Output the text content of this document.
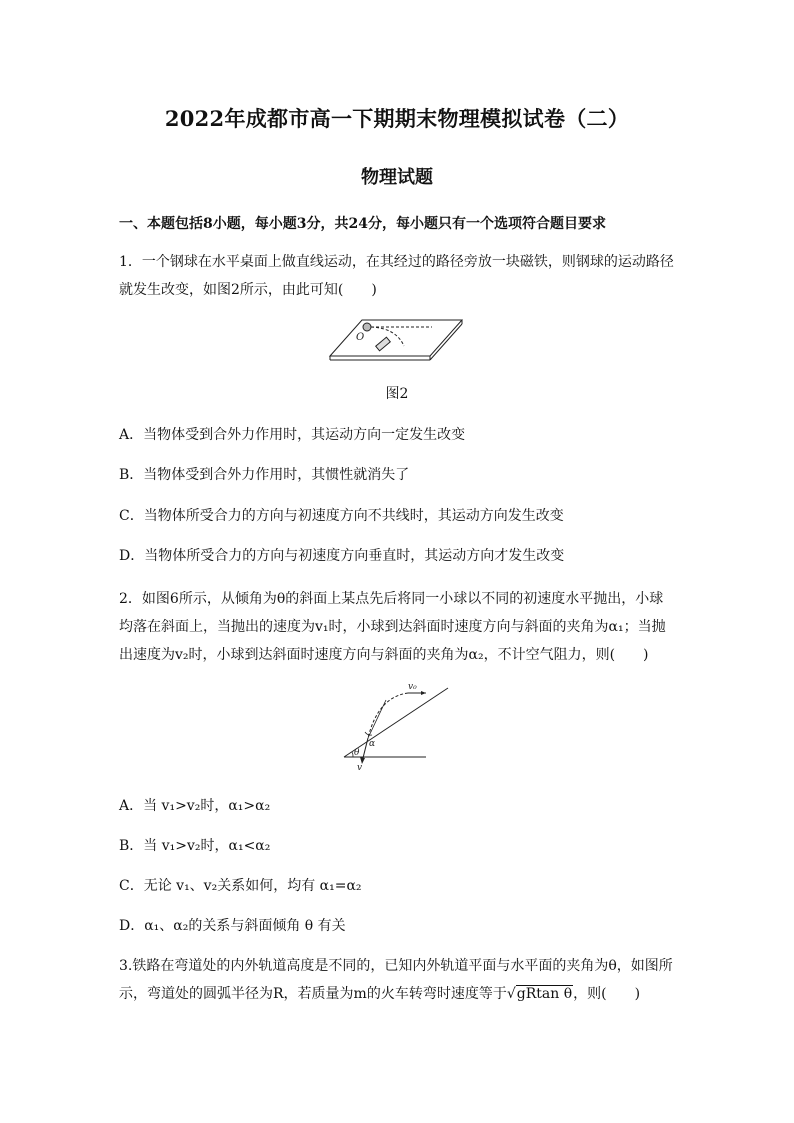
2022年成都市高一下期期末物理模拟试卷（二）
物理试题
一、本题包括8小题，每小题3分，共24分，每小题只有一个选项符合题目要求
1．一个钢球在水平桌面上做直线运动，在其经过的路径旁放一块磁铁，则钢球的运动路径
就发生改变，如图2所示，由此可知(　　)
O
图2
A．当物体受到合外力作用时，其运动方向一定发生改变
B．当物体受到合外力作用时，其惯性就消失了
C．当物体所受合力的方向与初速度方向不共线时，其运动方向发生改变
D．当物体所受合力的方向与初速度方向垂直时，其运动方向才发生改变
2．如图6所示，从倾角为θ的斜面上某点先后将同一小球以不同的初速度水平抛出，小球
均落在斜面上，当抛出的速度为v₁时，小球到达斜面时速度方向与斜面的夹角为α₁；当抛
出速度为v₂时，小球到达斜面时速度方向与斜面的夹角为α₂，不计空气阻力，则(　　)
v₀
α
θ
v
A．当 v₁>v₂时，α₁>α₂
B．当 v₁>v₂时，α₁<α₂
C．无论 v₁、v₂关系如何，均有 α₁=α₂
D．α₁、α₂的关系与斜面倾角 θ 有关
3.铁路在弯道处的内外轨道高度是不同的，已知内外轨道平面与水平面的夹角为θ，如图所
示，弯道处的圆弧半径为R，若质量为m的火车转弯时速度等于√gRtan θ，则(　　)
